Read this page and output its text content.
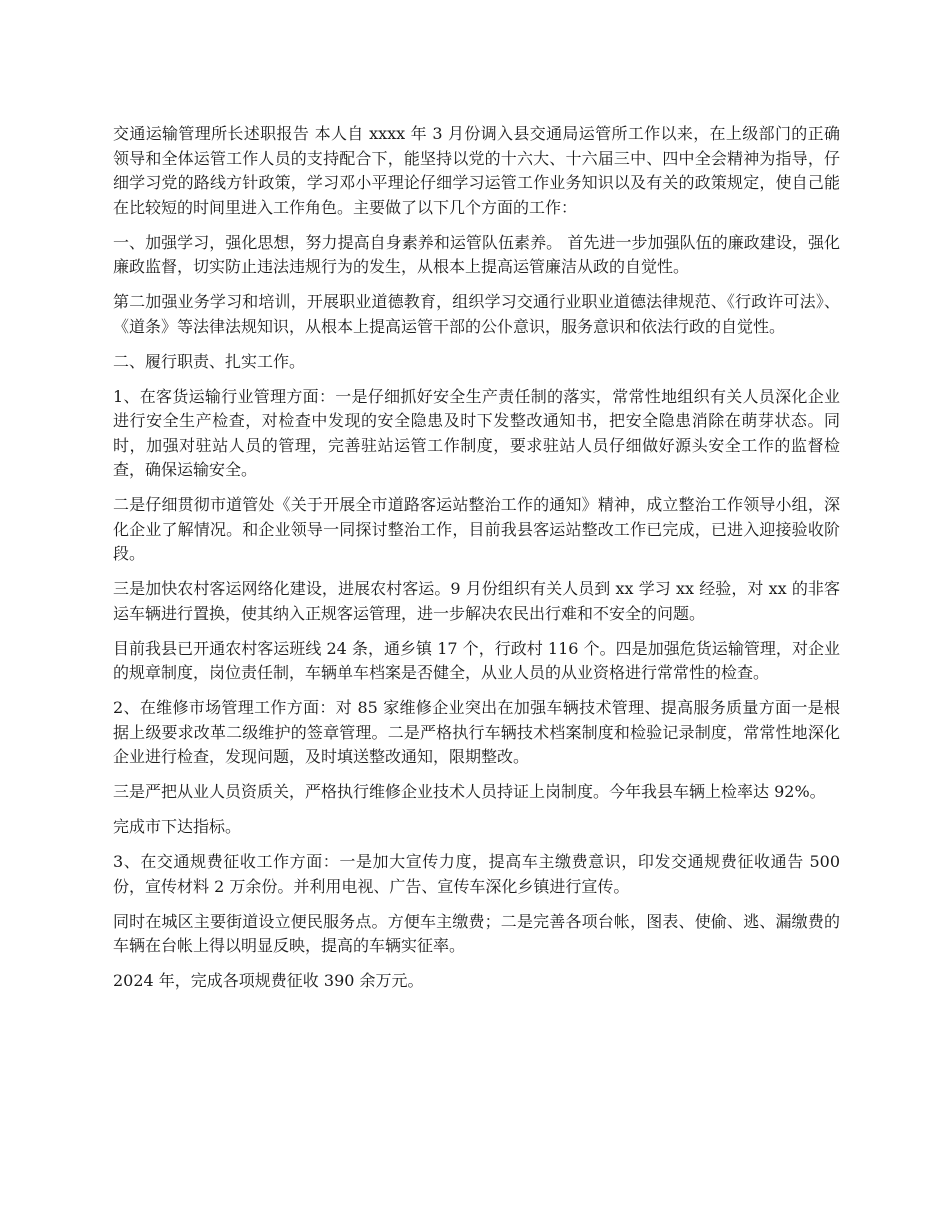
交通运输管理所长述职报告 本人自 xxxx 年 3 月份调入县交通局运管所工作以来，在上级部门的正确领导和全体运管工作人员的支持配合下，能坚持以党的十六大、十六届三中、四中全会精神为指导，仔细学习党的路线方针政策，学习邓小平理论仔细学习运管工作业务知识以及有关的政策规定，使自己能在比较短的时间里进入工作角色。主要做了以下几个方面的工作：

一、加强学习，强化思想，努力提高自身素养和运管队伍素养。 首先进一步加强队伍的廉政建设，强化廉政监督，切实防止违法违规行为的发生，从根本上提高运管廉洁从政的自觉性。

第二加强业务学习和培训，开展职业道德教育，组织学习交通行业职业道德法律规范、《行政许可法》、《道条》等法律法规知识，从根本上提高运管干部的公仆意识，服务意识和依法行政的自觉性。

二、履行职责、扎实工作。

1、在客货运输行业管理方面：一是仔细抓好安全生产责任制的落实，常常性地组织有关人员深化企业进行安全生产检查，对检查中发现的安全隐患及时下发整改通知书，把安全隐患消除在萌芽状态。同时，加强对驻站人员的管理，完善驻站运管工作制度，要求驻站人员仔细做好源头安全工作的监督检查，确保运输安全。

二是仔细贯彻市道管处《关于开展全市道路客运站整治工作的通知》精神，成立整治工作领导小组，深化企业了解情况。和企业领导一同探讨整治工作，目前我县客运站整改工作已完成，已进入迎接验收阶段。

三是加快农村客运网络化建设，进展农村客运。9 月份组织有关人员到 xx 学习 xx 经验，对 xx 的非客运车辆进行置换，使其纳入正规客运管理，进一步解决农民出行难和不安全的问题。

目前我县已开通农村客运班线 24 条，通乡镇 17 个，行政村 116 个。四是加强危货运输管理，对企业的规章制度，岗位责任制，车辆单车档案是否健全，从业人员的从业资格进行常常性的检查。

2、在维修市场管理工作方面：对 85 家维修企业突出在加强车辆技术管理、提高服务质量方面一是根据上级要求改革二级维护的签章管理。二是严格执行车辆技术档案制度和检验记录制度，常常性地深化企业进行检查，发现问题，及时填送整改通知，限期整改。

三是严把从业人员资质关，严格执行维修企业技术人员持证上岗制度。今年我县车辆上检率达 92%。

完成市下达指标。

3、在交通规费征收工作方面：一是加大宣传力度，提高车主缴费意识，印发交通规费征收通告 500 份，宣传材料 2 万余份。并利用电视、广告、宣传车深化乡镇进行宣传。

同时在城区主要街道设立便民服务点。方便车主缴费；二是完善各项台帐，图表、使偷、逃、漏缴费的车辆在台帐上得以明显反映，提高的车辆实征率。

2024 年，完成各项规费征收 390 余万元。
